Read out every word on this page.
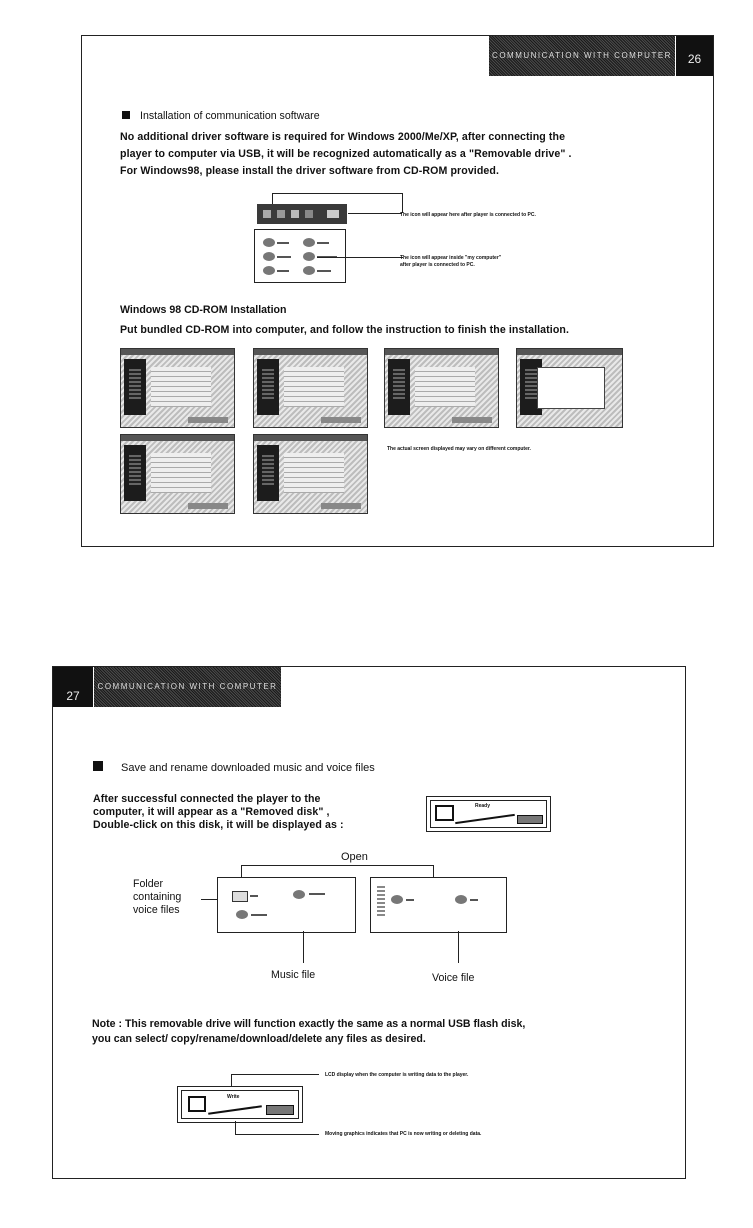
COMMUNICATION WITH COMPUTER	26
Installation of communication software
No additional driver software is required for Windows 2000/Me/XP, after connecting the
player to computer via USB, it will be recognized automatically as a "Removable drive" .
For Windows98, please install the driver software from CD-ROM provided.
The icon will appear here after player is connected to PC.
The icon will appear inside "my computer"
after player is connected to PC.
Windows 98 CD-ROM Installation
Put bundled CD-ROM into computer, and follow the instruction to finish the installation.
The actual screen displayed may vary on different computer.
27
COMMUNICATION WITH COMPUTER
Save and rename downloaded music and voice files
After successful connected the player to the
computer, it will appear as a "Removed disk" ,
Double-click on this disk, it will be displayed as :
Ready
Open
Folder
containing
voice files
Music file	Voice file
Note : This removable drive will function exactly the same as a normal USB flash disk,
you can select/ copy/rename/download/delete any files as desired.
LCD display when the computer is writing data to the player.
Write
Moving graphics indicates that PC is now writing or deleting data.
